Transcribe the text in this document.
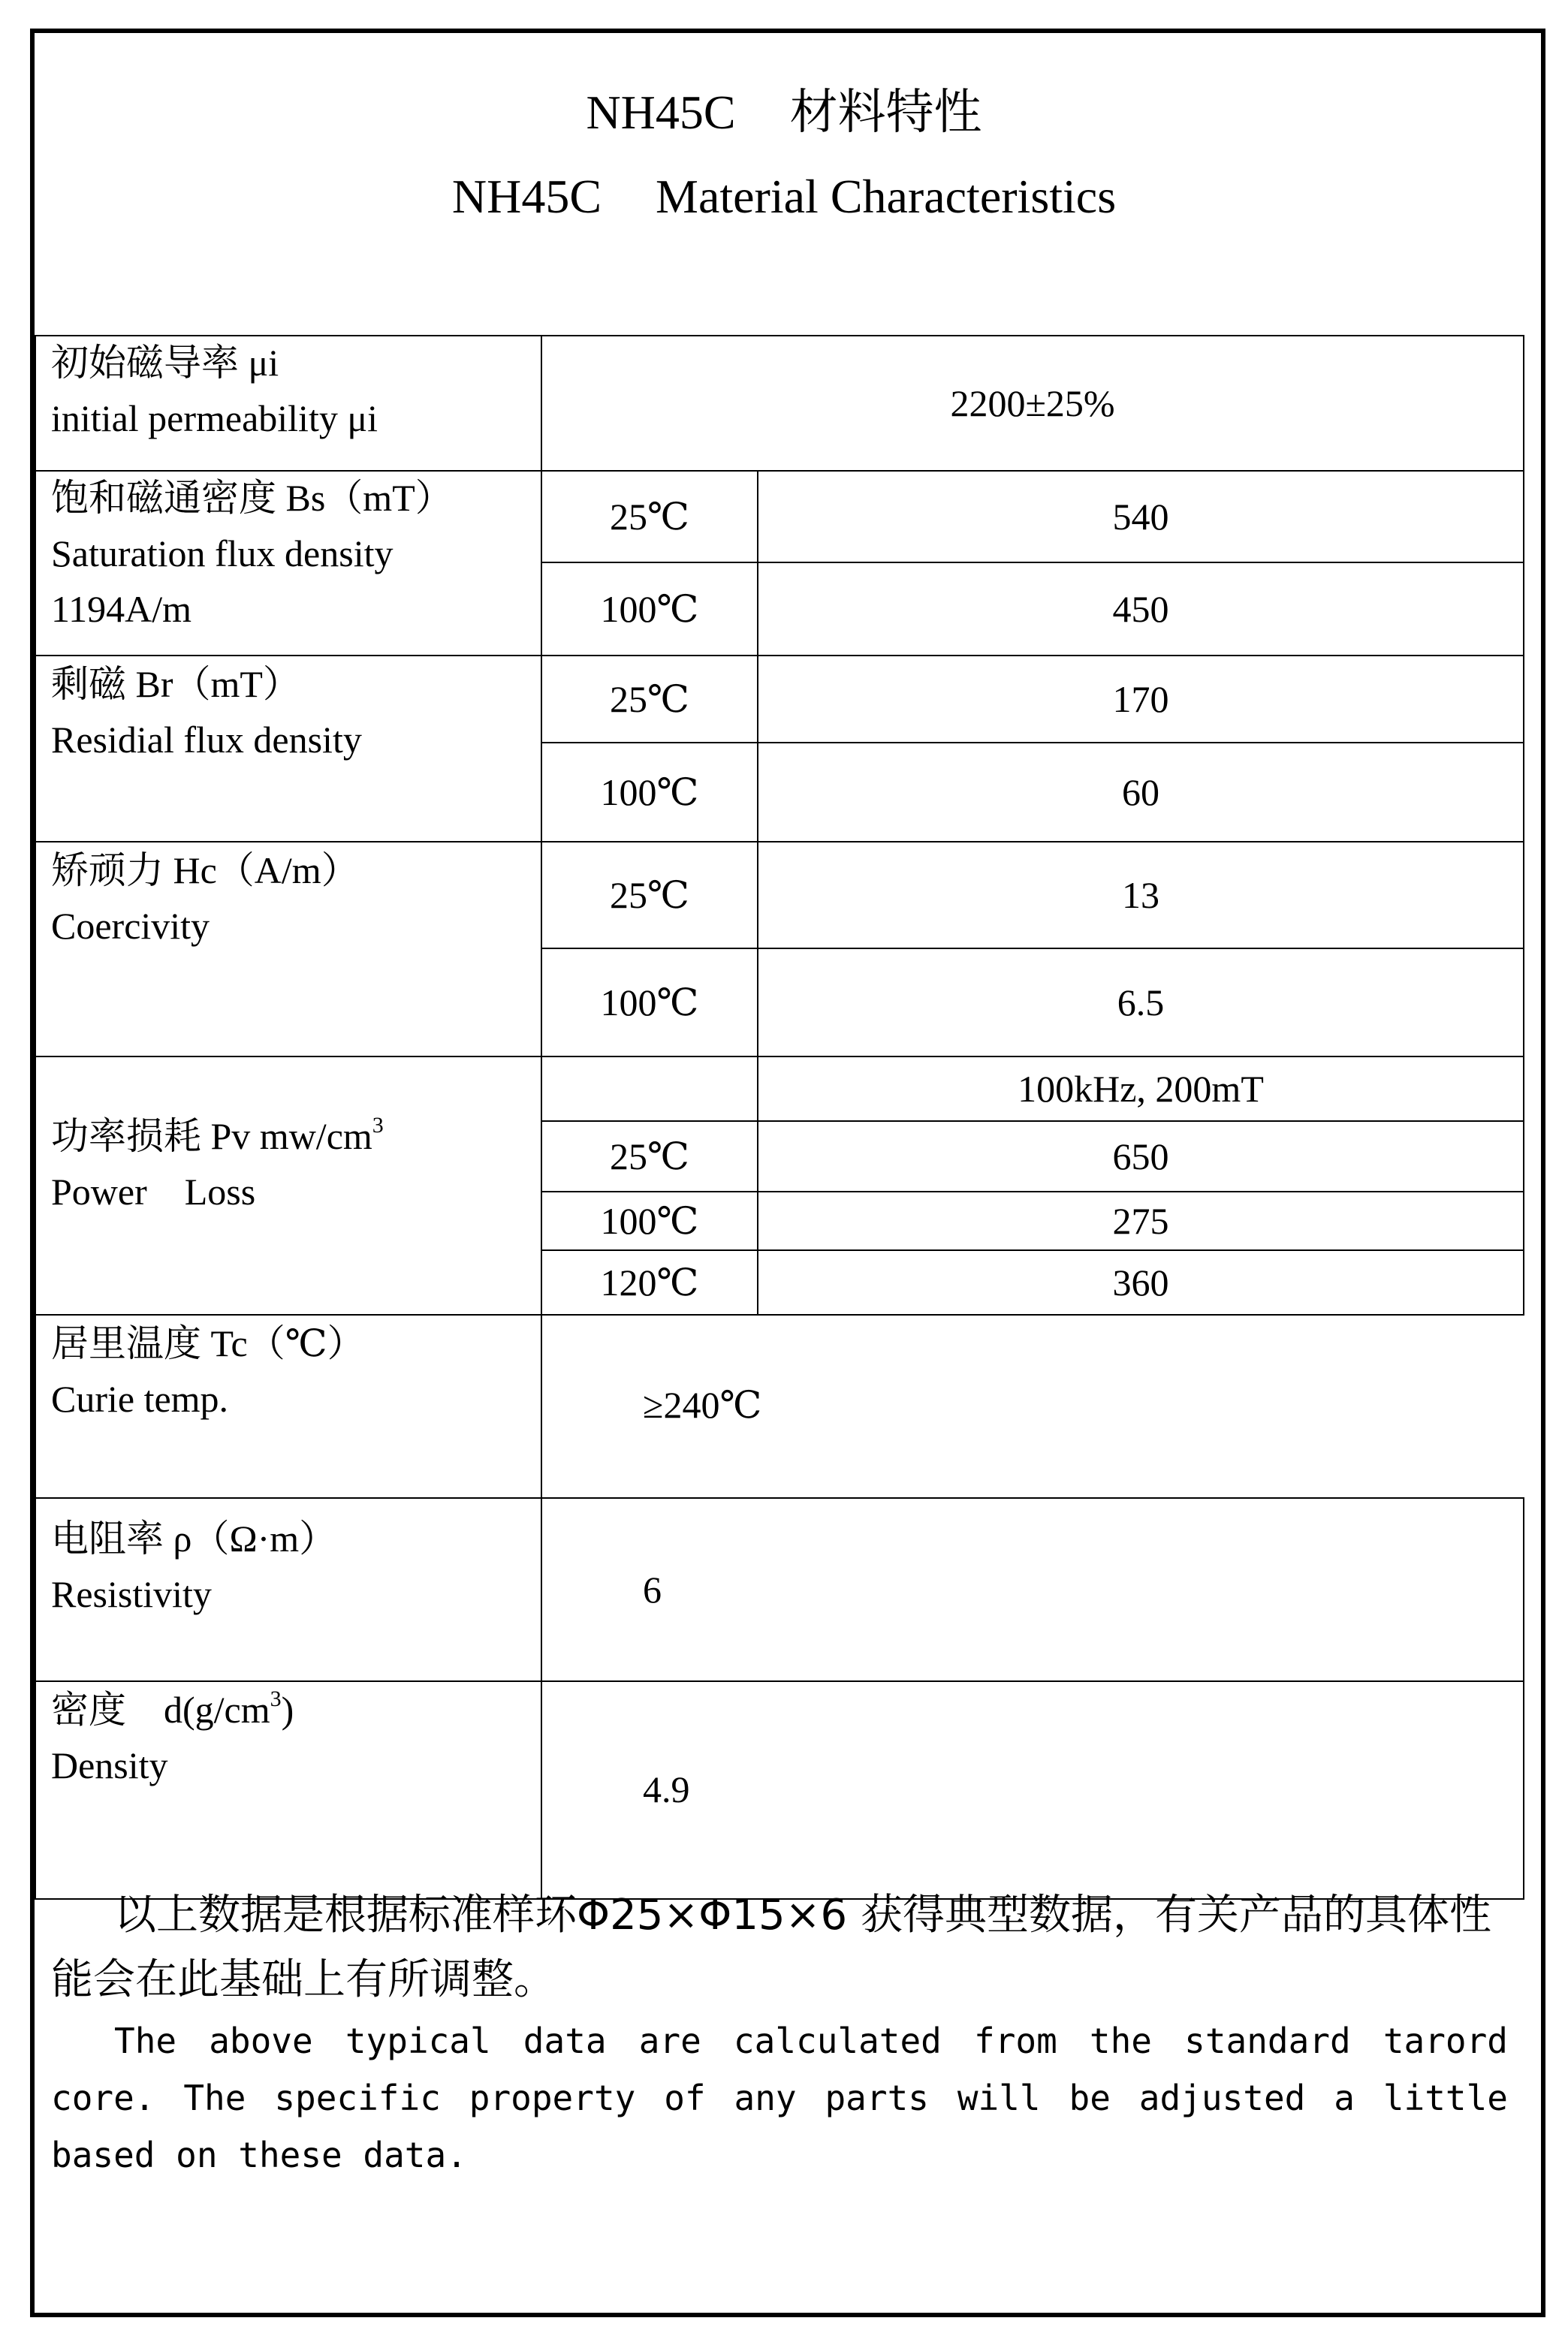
NH45C 材料特性
NH45C Material Characteristics
初始磁导率 μi
initial permeability μi	2200±25%
饱和磁通密度 Bs（mT）
Saturation flux density
1194A/m
25℃	540
100℃	450
剩磁 Br（mT）
Residial flux density
25℃	170
100℃	60
矫顽力 Hc（A/m）
Coercivity
25℃	13
100℃	6.5
功率损耗 Pv $mw/cm^3$
Power    Loss
100kHz, 200mT
25℃	650
100℃	275
120℃	360
居里温度 Tc（℃）
Curie temp.	≥240℃
电阻率 ρ（Ω·m）
Resistivity	6
密度    $d(g/cm^3)$
Density
4.9
以上数据是根据标准样环Φ25×Φ15×6 获得典型数据，有关产品的具体性能会在此基础上有所调整。
The above typical data are calculated from the standard tarord core. The specific property of any parts will be adjusted a little based on these data.
